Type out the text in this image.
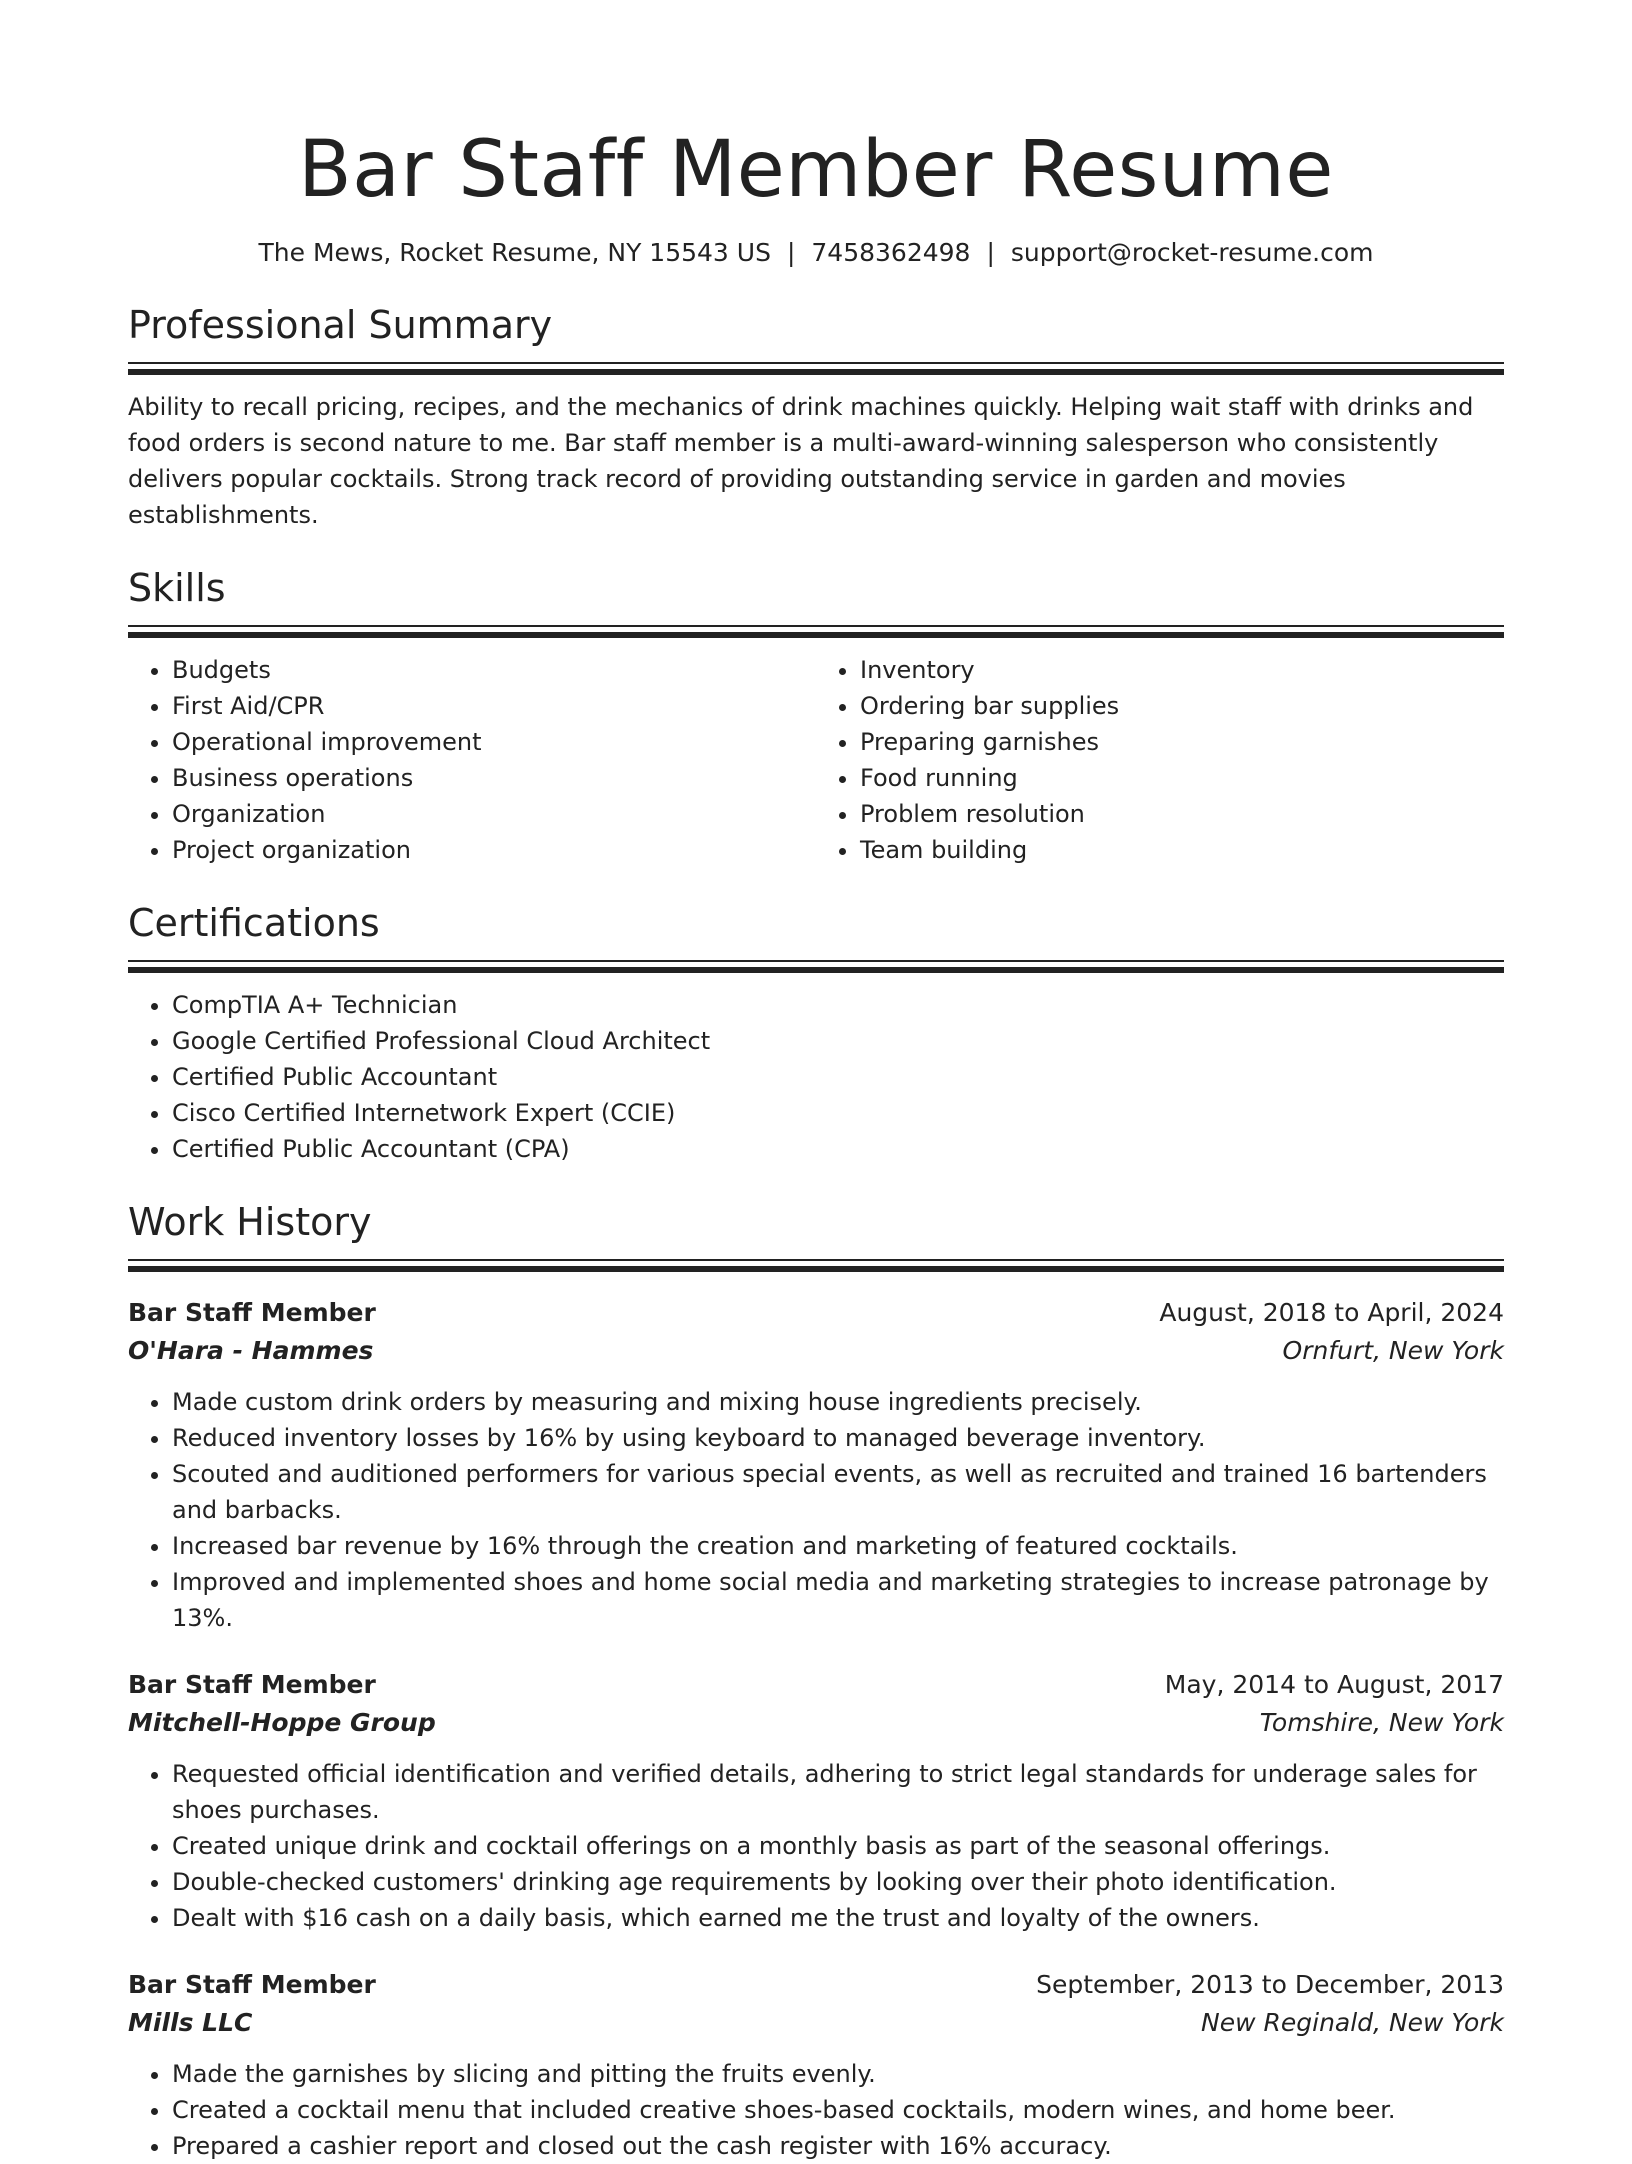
Bar Staff Member Resume
The Mews, Rocket Resume, NY 15543 US | 7458362498 | support@rocket-resume.com
Professional Summary

Ability to recall pricing, recipes, and the mechanics of drink machines quickly. Helping wait staff with drinks and food orders is second nature to me. Bar staff member is a multi-award-winning salesperson who consistently delivers popular cocktails. Strong track record of providing outstanding service in garden and movies establishments.

Skills
• Budgets
• First Aid/CPR
• Operational improvement
• Business operations
• Organization
• Project organization
• Inventory
• Ordering bar supplies
• Preparing garnishes
• Food running
• Problem resolution
• Team building
Certifications
• CompTIA A+ Technician
• Google Certified Professional Cloud Architect
• Certified Public Accountant
• Cisco Certified Internetwork Expert (CCIE)
• Certified Public Accountant (CPA)
Work History
Bar Staff Member	August, 2018 to April, 2024
O'Hara - Hammes	Ornfurt, New York
• Made custom drink orders by measuring and mixing house ingredients precisely.
• Reduced inventory losses by 16% by using keyboard to managed beverage inventory.
• Scouted and auditioned performers for various special events, as well as recruited and trained 16 bartenders and barbacks.
• Increased bar revenue by 16% through the creation and marketing of featured cocktails.
• Improved and implemented shoes and home social media and marketing strategies to increase patronage by 13%.
Bar Staff Member	May, 2014 to August, 2017
Mitchell-Hoppe Group	Tomshire, New York
• Requested official identification and verified details, adhering to strict legal standards for underage sales for shoes purchases.
• Created unique drink and cocktail offerings on a monthly basis as part of the seasonal offerings.
• Double-checked customers' drinking age requirements by looking over their photo identification.
• Dealt with $16 cash on a daily basis, which earned me the trust and loyalty of the owners.
Bar Staff Member	September, 2013 to December, 2013
Mills LLC	New Reginald, New York
• Made the garnishes by slicing and pitting the fruits evenly.
• Created a cocktail menu that included creative shoes-based cocktails, modern wines, and home beer.
• Prepared a cashier report and closed out the cash register with 16% accuracy.
